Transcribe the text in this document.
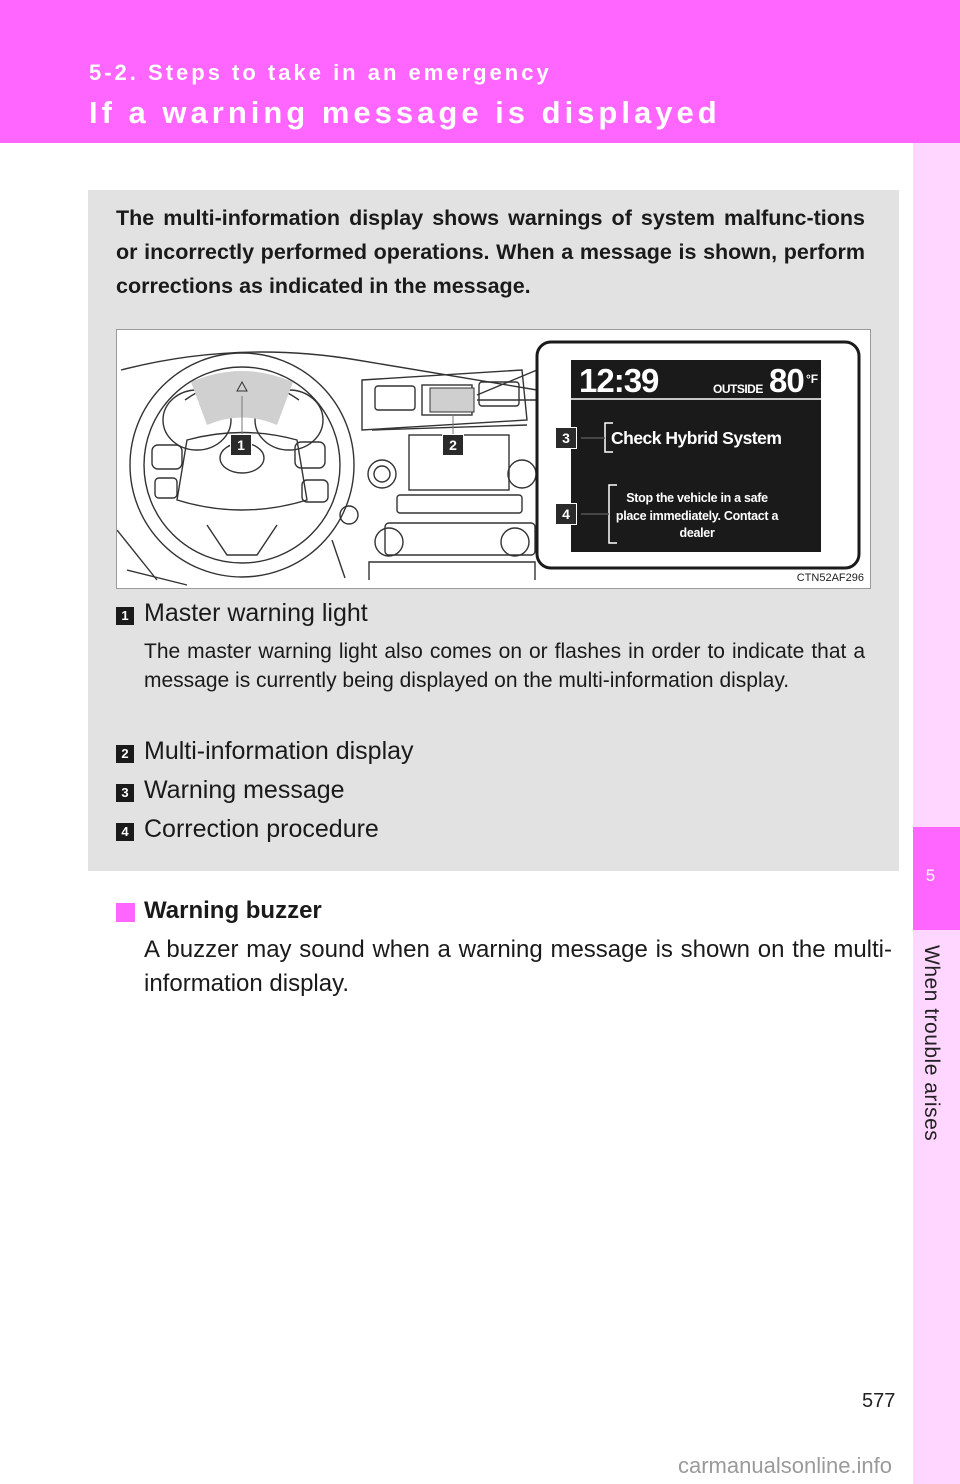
5-2. Steps to take in an emergency
If a warning message is displayed
5
When trouble arises
The multi-information display shows warnings of system malfunc-tions or incorrectly performed operations. When a message is shown, perform corrections as indicated in the message.
12:39	OUTSIDE 80 °F
Check Hybrid System
Stop the vehicle in a safe place immediately. Contact a dealer
1	2	3
4
CTN52AF296
1 Master warning light
The master warning light also comes on or flashes in order to indicate that a message is currently being displayed on the multi-information display.
2 Multi-information display
3 Warning message
4 Correction procedure
Warning buzzer
A buzzer may sound when a warning message is shown on the multi-information display.
577
carmanualsonline.info
